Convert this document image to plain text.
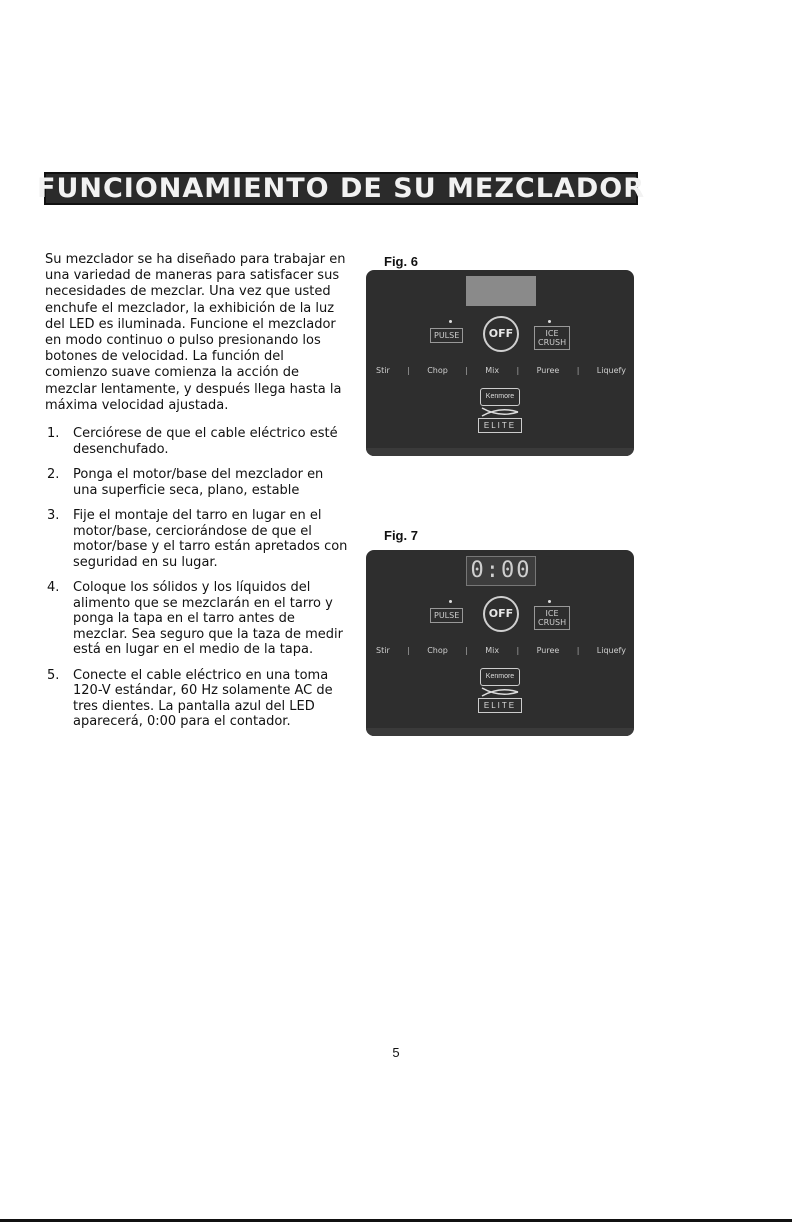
FUNCIONAMIENTO DE SU MEZCLADOR

Su mezclador se ha diseñado para trabajar en una variedad de maneras para satisfacer sus necesidades de mezclar. Una vez que usted enchufe el mezclador, la exhibición de la luz del LED es iluminada. Funcione el mezclador en modo continuo o pulso presionando los botones de velocidad. La función del comienzo suave comienza la acción de mezclar lentamente, y después llega hasta la máxima velocidad ajustada.

1. Cerciórese de que el cable eléctrico esté desenchufado.
2. Ponga el motor/base del mezclador en una superficie seca, plano, estable
3. Fije el montaje del tarro en lugar en el motor/base, cerciorándose de que el motor/base y el tarro están apretados con seguridad en su lugar.
4. Coloque los sólidos y los líquidos del alimento que se mezclarán en el tarro y ponga la tapa en el tarro antes de mezclar. Sea seguro que la taza de medir está en lugar en el medio de la tapa.
5. Conecte el cable eléctrico en una toma 120-V estándar, 60 Hz solamente AC de tres dientes. La pantalla azul del LED aparecerá, 0:00 para el contador.
Fig. 6
PULSE	OFF	ICE CRUSH
Stir | Chop | Mix | Puree | Liquefy
Kenmore
ELITE
Fig. 7
0:00
PULSE	OFF	ICE CRUSH
Stir | Chop | Mix | Puree | Liquefy
Kenmore
ELITE
5
